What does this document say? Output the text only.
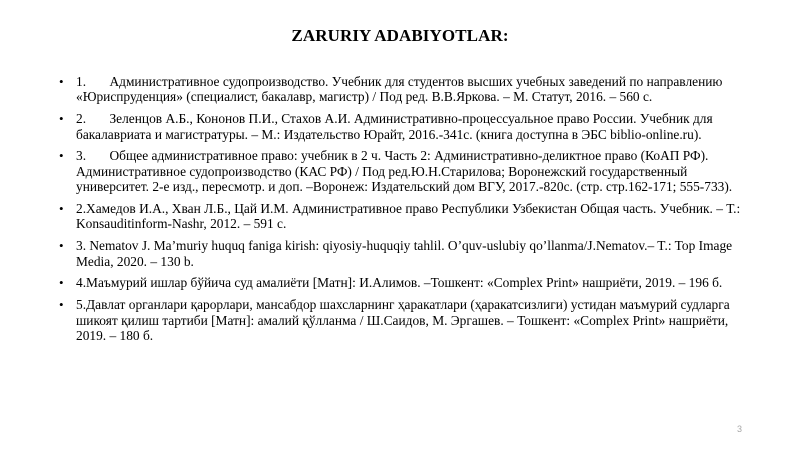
ZARURIY ADABIYOTLAR:
• 1.       Административное судопроизводство. Учебник для студентов высших учебных заведений по направлению «Юриспруденция» (специалист, бакалавр, магистр) / Под ред. В.В.Яркова. – М. Статут, 2016. – 560 с.
• 2.       Зеленцов А.Б., Кононов П.И., Стахов А.И. Административно-процессуальное право России. Учебник для бакалавриата и магистратуры. – М.: Издательство Юрайт, 2016.-341с. (книга доступна в ЭБС biblio-online.ru).
• 3.       Общее административное право: учебник в 2 ч. Часть 2: Административно-деликтное право (КоАП РФ). Административное судопроизводство (КАС РФ) / Под ред.Ю.Н.Старилова; Воронежский государственный университет. 2-е изд., пересмотр. и доп. –Воронеж: Издательский дом ВГУ, 2017.-820с. (стр. стр.162-171; 555-733).
• 2.Хамедов И.А., Хван Л.Б., Цай И.М. Административное право Республики Узбекистан Общая часть. Учебник. – Т.: Konsauditinform-Nashr, 2012. – 591 с.
• 3. Nematov J. Ma’muriy huquq faniga kirish: qiyosiy-huquqiy tahlil. O’quv-uslubiy qo’llanma/J.Nematov.– T.: Top Image Media, 2020. – 130 b.
• 4.Маъмурий ишлар бўйича суд амалиёти [Матн]: И.Алимов. –Тошкент: «Complex Print» нашриёти, 2019. – 196 б.
• 5.Давлат органлари қарорлари, мансабдор шахсларнинг ҳаракатлари (ҳаракатсизлиги) устидан маъмурий судларга шикоят қилиш тартиби [Матн]: амалий қўлланма / Ш.Саидов, М. Эргашев. – Тошкент: «Complex Print» нашриёти, 2019. – 180 б.
3
